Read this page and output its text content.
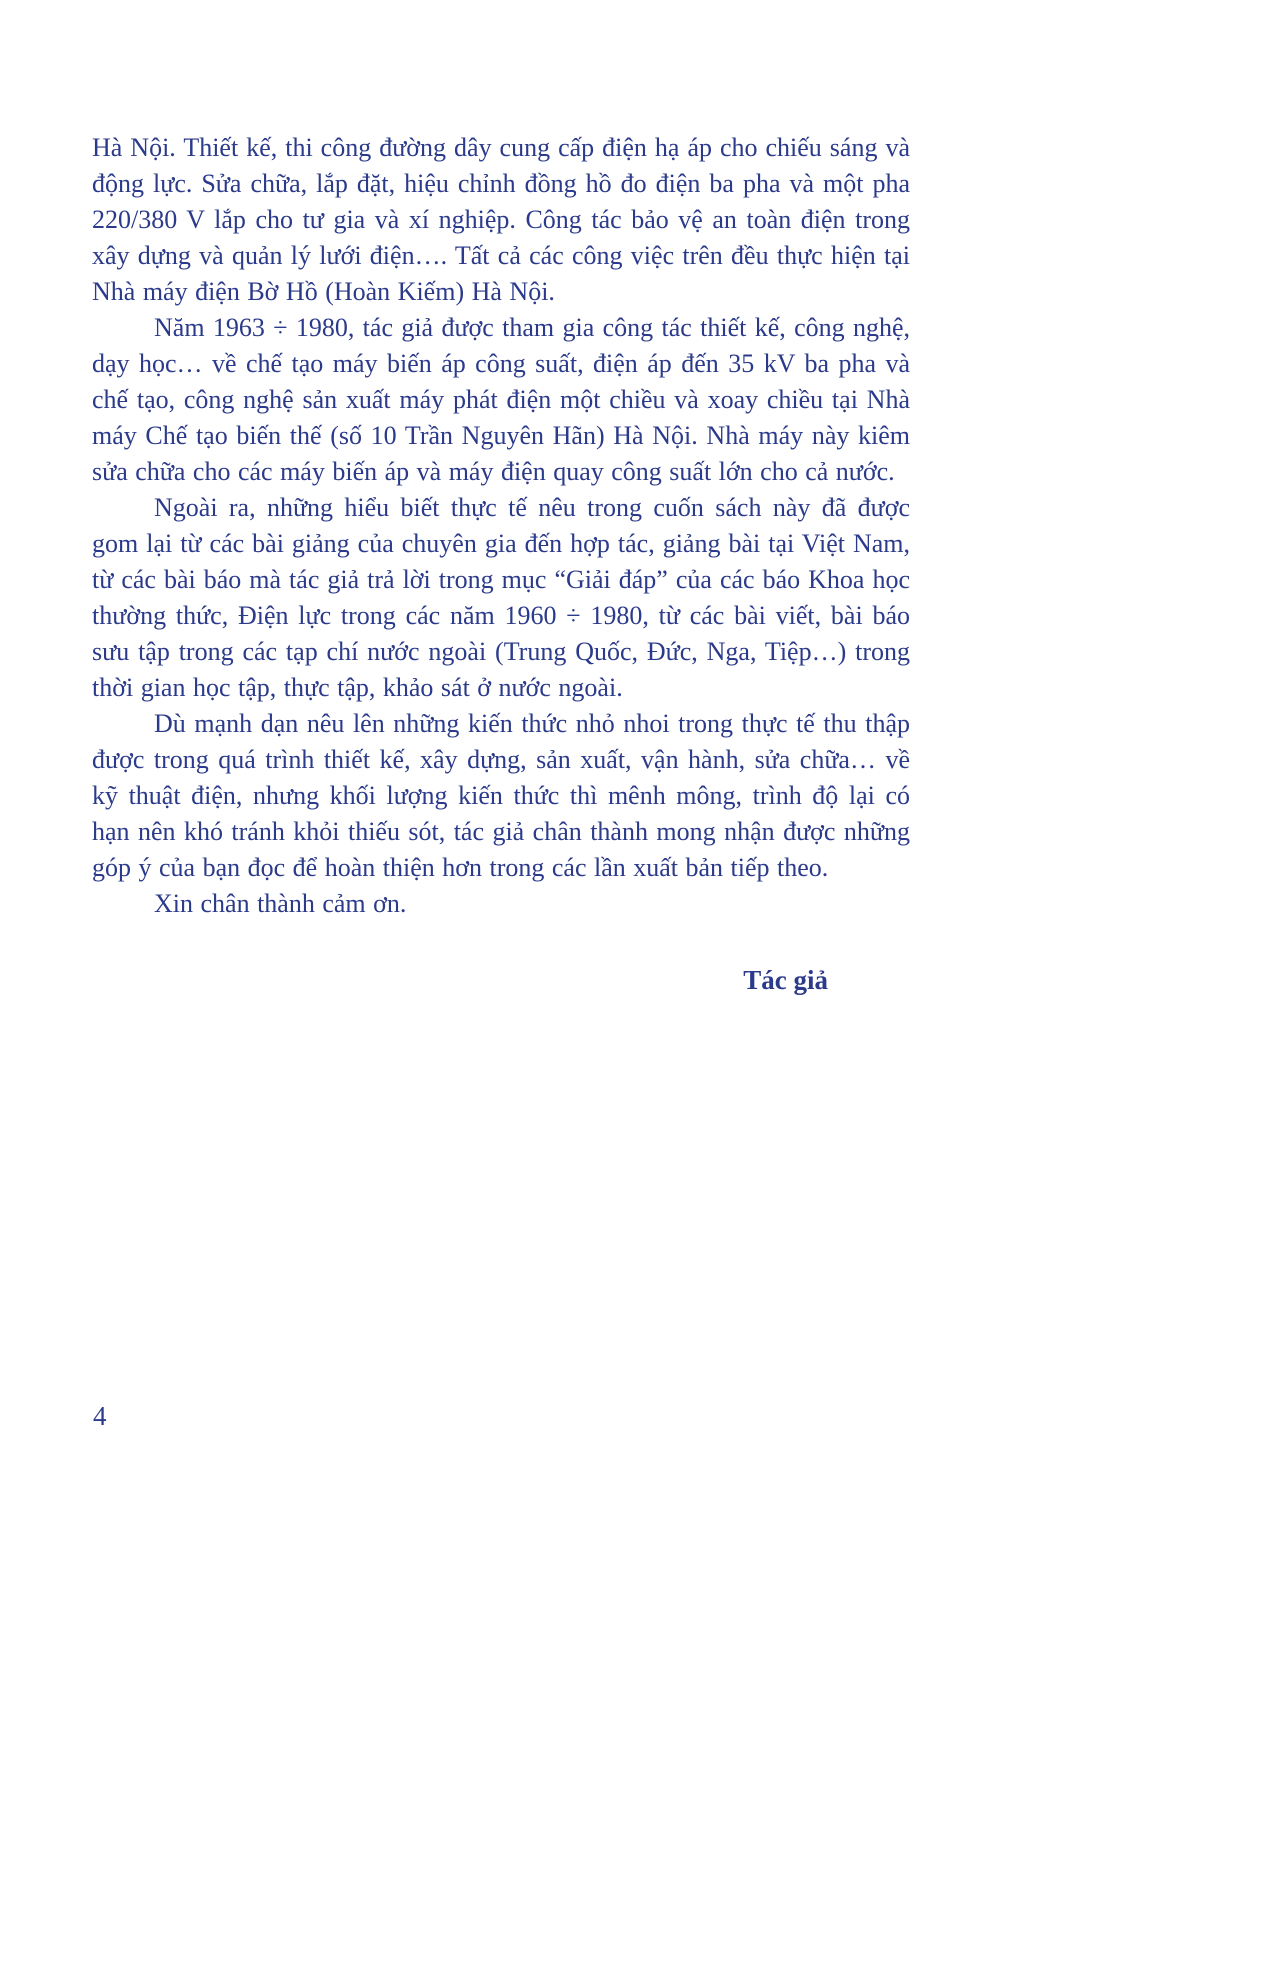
Hà Nội. Thiết kế, thi công đường dây cung cấp điện hạ áp cho chiếu sáng và động lực. Sửa chữa, lắp đặt, hiệu chỉnh đồng hồ đo điện ba pha và một pha 220/380 V lắp cho tư gia và xí nghiệp. Công tác bảo vệ an toàn điện trong xây dựng và quản lý lưới điện…. Tất cả các công việc trên đều thực hiện tại Nhà máy điện Bờ Hồ (Hoàn Kiếm) Hà Nội.

Năm 1963 ÷ 1980, tác giả được tham gia công tác thiết kế, công nghệ, dạy học… về chế tạo máy biến áp công suất, điện áp đến 35 kV ba pha và chế tạo, công nghệ sản xuất máy phát điện một chiều và xoay chiều tại Nhà máy Chế tạo biến thế (số 10 Trần Nguyên Hãn) Hà Nội. Nhà máy này kiêm sửa chữa cho các máy biến áp và máy điện quay công suất lớn cho cả nước.

Ngoài ra, những hiểu biết thực tế nêu trong cuốn sách này đã được gom lại từ các bài giảng của chuyên gia đến hợp tác, giảng bài tại Việt Nam, từ các bài báo mà tác giả trả lời trong mục “Giải đáp” của các báo Khoa học thường thức, Điện lực trong các năm 1960 ÷ 1980, từ các bài viết, bài báo sưu tập trong các tạp chí nước ngoài (Trung Quốc, Đức, Nga, Tiệp…) trong thời gian học tập, thực tập, khảo sát ở nước ngoài.

Dù mạnh dạn nêu lên những kiến thức nhỏ nhoi trong thực tế thu thập được trong quá trình thiết kế, xây dựng, sản xuất, vận hành, sửa chữa… về kỹ thuật điện, nhưng khối lượng kiến thức thì mênh mông, trình độ lại có hạn nên khó tránh khỏi thiếu sót, tác giả chân thành mong nhận được những góp ý của bạn đọc để hoàn thiện hơn trong các lần xuất bản tiếp theo.

Xin chân thành cảm ơn.

Tác giả

4
